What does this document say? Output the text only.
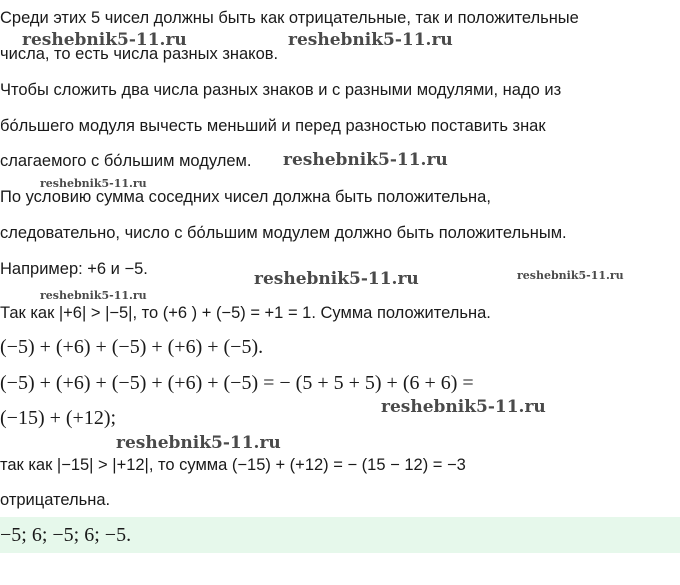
Среди этих 5 чисел должны быть как отрицательные, так и положительные
числа, то есть числа разных знаков.
Чтобы сложить два числа разных знаков и с разными модулями, надо из
бо́льшего модуля вычесть меньший и перед разностью поставить знак
слагаемого с бо́льшим модулем.
По условию сумма соседних чисел должна быть положительна,
следовательно, число с бо́льшим модулем должно быть положительным.
Например: +6 и −5.
Так как |+6| > |−5|, то (+6 ) + (−5) = +1 = 1. Сумма положительна.
(−5) + (+6) + (−5) + (+6) + (−5).
(−5) + (+6) + (−5) + (+6) + (−5) = − (5 + 5 + 5) + (6 + 6) =
(−15) + (+12);
так как |−15| > |+12|, то сумма (−15) + (+12) = − (15 − 12) = −3
отрицательна.
−5; 6; −5; 6; −5.
reshebnik5-11.ru	reshebnik5-11.ru
reshebnik5-11.ru
reshebnik5-11.ru
reshebnik5-11.ru	reshebnik5-11.ru
reshebnik5-11.ru
reshebnik5-11.ru
reshebnik5-11.ru
